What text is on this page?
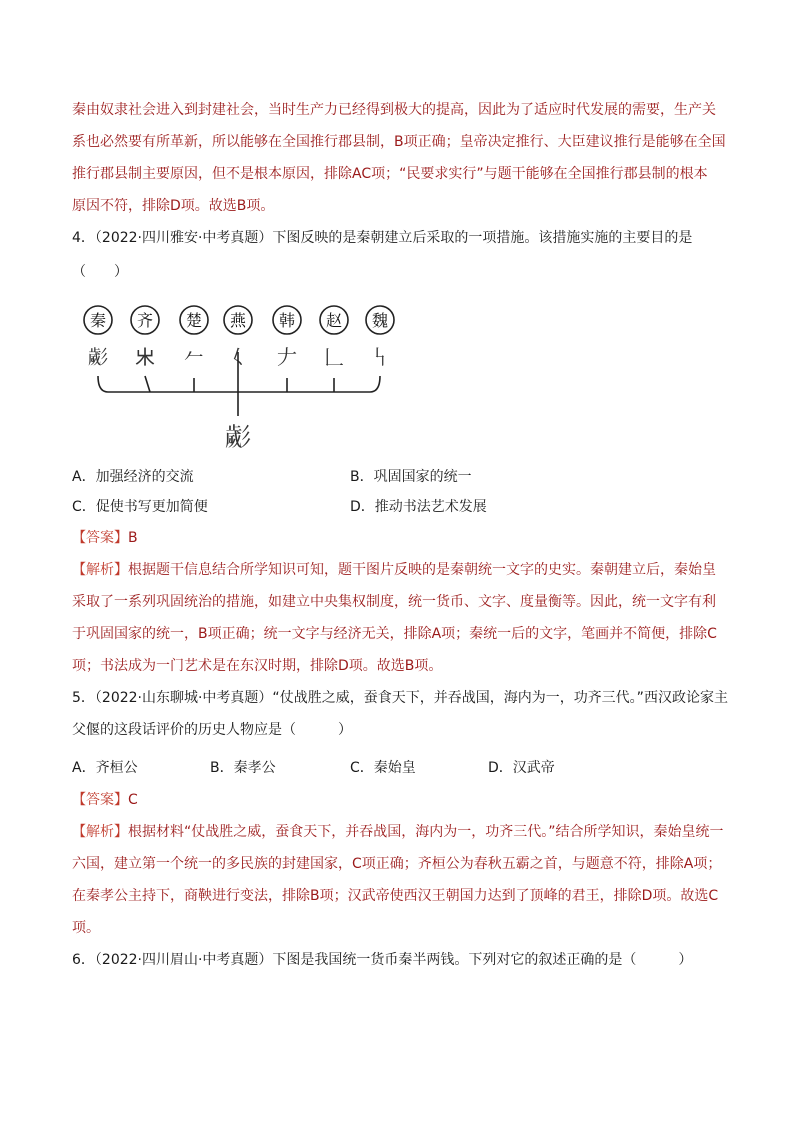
秦由奴隶社会进入到封建社会，当时生产力已经得到极大的提高，因此为了适应时代发展的需要，生产关
系也必然要有所革新，所以能够在全国推行郡县制，B项正确；皇帝决定推行、大臣建议推行是能够在全国
推行郡县制主要原因，但不是根本原因，排除AC项；“民要求实行”与题干能够在全国推行郡县制的根本
原因不符，排除D项。故选B项。
4．（2022·四川雅安·中考真题）下图反映的是秦朝建立后采取的一项措施。该措施实施的主要目的是
（　　）
秦
𢒱
齐
𣎵
楚
𠂉
燕
𡿨
韩
𠂇
赵
𠃊
魏
𠃑
𢒱
A．加强经济的交流	B．巩固国家的统一
C．促使书写更加简便	D．推动书法艺术发展
【答案】B
【解析】根据题干信息结合所学知识可知，题干图片反映的是秦朝统一文字的史实。秦朝建立后，秦始皇
采取了一系列巩固统治的措施，如建立中央集权制度，统一货币、文字、度量衡等。因此，统一文字有利
于巩固国家的统一，B项正确；统一文字与经济无关，排除A项；秦统一后的文字，笔画并不简便，排除C
项；书法成为一门艺术是在东汉时期，排除D项。故选B项。
5．（2022·山东聊城·中考真题）“仗战胜之威，蚕食天下，并吞战国，海内为一，功齐三代。”西汉政论家主
父偃的这段话评价的历史人物应是（　　　）
A．齐桓公	B．秦孝公	C．秦始皇	D．汉武帝
【答案】C
【解析】根据材料“仗战胜之威，蚕食天下，并吞战国，海内为一，功齐三代。”结合所学知识，秦始皇统一
六国，建立第一个统一的多民族的封建国家，C项正确；齐桓公为春秋五霸之首，与题意不符，排除A项；
在秦孝公主持下，商鞅进行变法，排除B项；汉武帝使西汉王朝国力达到了顶峰的君王，排除D项。故选C
项。
6．（2022·四川眉山·中考真题）下图是我国统一货币秦半两钱。下列对它的叙述正确的是（　　　）
